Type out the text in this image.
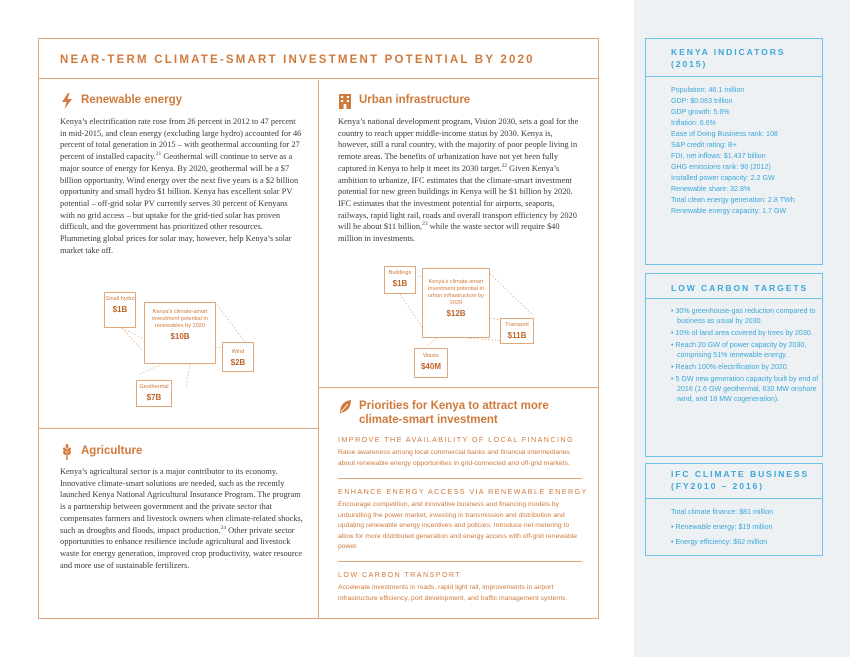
NEAR-TERM CLIMATE-SMART INVESTMENT POTENTIAL BY 2020
Renewable energy
Kenya’s electrification rate rose from 26 percent in 2012 to 47 percent in mid-2015, and clean energy (excluding large hydro) accounted for 46 percent of total generation in 2015 – with geothermal accounting for 27 percent of installed capacity.$^{21}$ Geothermal will continue to serve as a major source of energy for Kenya. By 2020, geothermal will be a $7 billion opportunity. Wind energy over the next five years is a $2 billion opportunity and small hydro $1 billion. Kenya has excellent solar PV potential – off-grid solar PV currently serves 30 percent of Kenyans with no grid access – but uptake for the grid-tied solar has proven difficult, and the government has prioritized other resources. Plummeting global prices for solar may, however, help Kenya’s solar market take off.
Small hydro
$1B	Kenya’s climate-smart investment potential in renewables by 2020
$10B
Wind
$2B
Geothermal
$7B
Agriculture
Kenya’s agricultural sector is a major contributor to its economy. Innovative climate-smart solutions are needed, such as the recently launched Kenya National Agricultural Insurance Program. The program is a partnership between government and the private sector that compensates farmers and livestock owners when climate-related shocks, such as droughts and floods, impact production.$^{24}$ Other private sector opportunities to enhance resilience include agricultural and livestock waste for energy generation, improved crop productivity, water resource and more use of sustainable fertilizers.
Urban infrastructure
Kenya’s national development program, Vision 2030, sets a goal for the country to reach upper middle-income status by 2030. Kenya is, however, still a rural country, with the majority of poor people living in remote areas. The benefits of urbanization have not yet been fully captured in Kenya to help it meet its 2030 target.$^{22}$ Given Kenya’s ambition to urbanize, IFC estimates that the climate-smart investment potential for new green buildings in Kenya will be $1 billion by 2020. IFC estimates that the investment potential for airports, seaports, railways, rapid light rail, roads and overall transport efficiency by 2020 will be about $11 billion,$^{23}$ while the waste sector will require $40 million in investments.
Buildings
$1B	Kenya’s climate-smart investment potential in urban infrastructure by 2020
$12B
Transport
$11B
Waste
$40M
Priorities for Kenya to attract more climate-smart investment
IMPROVE THE AVAILABILITY OF LOCAL FINANCING
Raise awareness among local commercial banks and financial intermediaries about renewable energy opportunities in grid-connected and off-grid markets.
ENHANCE ENERGY ACCESS VIA RENEWABLE ENERGY
Encourage competition, and innovative business and financing models by unbundling the power market, investing in transmission and distribution and updating renewable energy incentives and policies. Introduce net metering to allow for more distributed generation and energy access with off-grid renewable power.
LOW CARBON TRANSPORT
Accelerate investments in roads, rapid light rail, improvements in airport infrastructure efficiency, port development, and traffic management systems.
KENYA INDICATORS (2015)
Population: 46.1 million
GDP: $0.063 trillion
GDP growth: 5.6%
Inflation: 6.6%
Ease of Doing Business rank: 108
S&P credit rating: B+
FDI, net inflows: $1.437 billion
GHG emissions rank: 90 (2012)
Installed power capacity: 2.2 GW
Renewable share: 32.8%
Total clean energy generation: 2.8 TWh
Renewable energy capacity: 1.7 GW
LOW CARBON TARGETS
• 30% greenhouse-gas reduction compared to business as usual by 2030.
• 10% of land area covered by trees by 2030.
• Reach 20 GW of power capacity by 2030, comprising 51% renewable energy.
• Reach 100% electrification by 2020.
• 5 GW new generation capacity built by end of 2016 (1.6 GW geothermal, 630 MW onshore wind, and 18 MW cogeneration).
IFC CLIMATE BUSINESS (FY2010 – 2016)
Total climate finance: $81 million
• Renewable energy: $19 million
• Energy efficiency: $62 million
